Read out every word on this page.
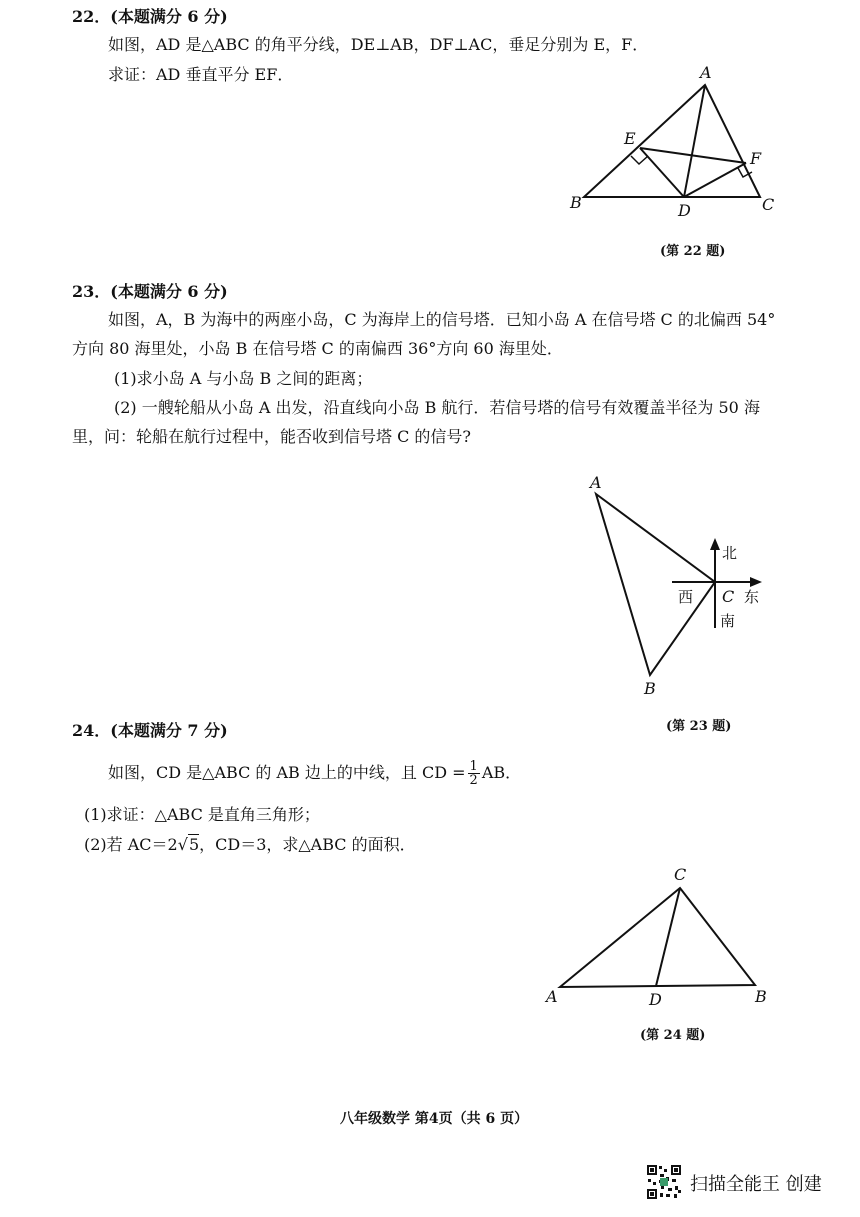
22．(本题满分 6 分)
如图，AD 是△ABC 的角平分线，DE⊥AB，DF⊥AC，垂足分别为 E，F．
求证：AD 垂直平分 EF．	A
B	C
D
E
F
(第 22 题)
23．(本题满分 6 分)
如图，A，B 为海中的两座小岛，C 为海岸上的信号塔．已知小岛 A 在信号塔 C 的北偏西 54°
方向 80 海里处，小岛 B 在信号塔 C 的南偏西 36°方向 60 海里处．
(1)求小岛 A 与小岛 B 之间的距离；
(2) 一艘轮船从小岛 A 出发，沿直线向小岛 B 航行．若信号塔的信号有效覆盖半径为 50 海
里，问：轮船在航行过程中，能否收到信号塔 C 的信号?
A
B
C
北
东
西
南
(第 23 题)
24．(本题满分 7 分)
如图，CD 是△ABC 的 AB 边上的中线，且 CD = $\frac{1}{2}$ AB．
(1)求证：△ABC 是直角三角形；
(2)若 AC＝2√5，CD＝3，求△ABC 的面积．
C
A	D	B
(第 24 题)
八年级数学 第4页（共 6 页）
扫描全能王 创建
